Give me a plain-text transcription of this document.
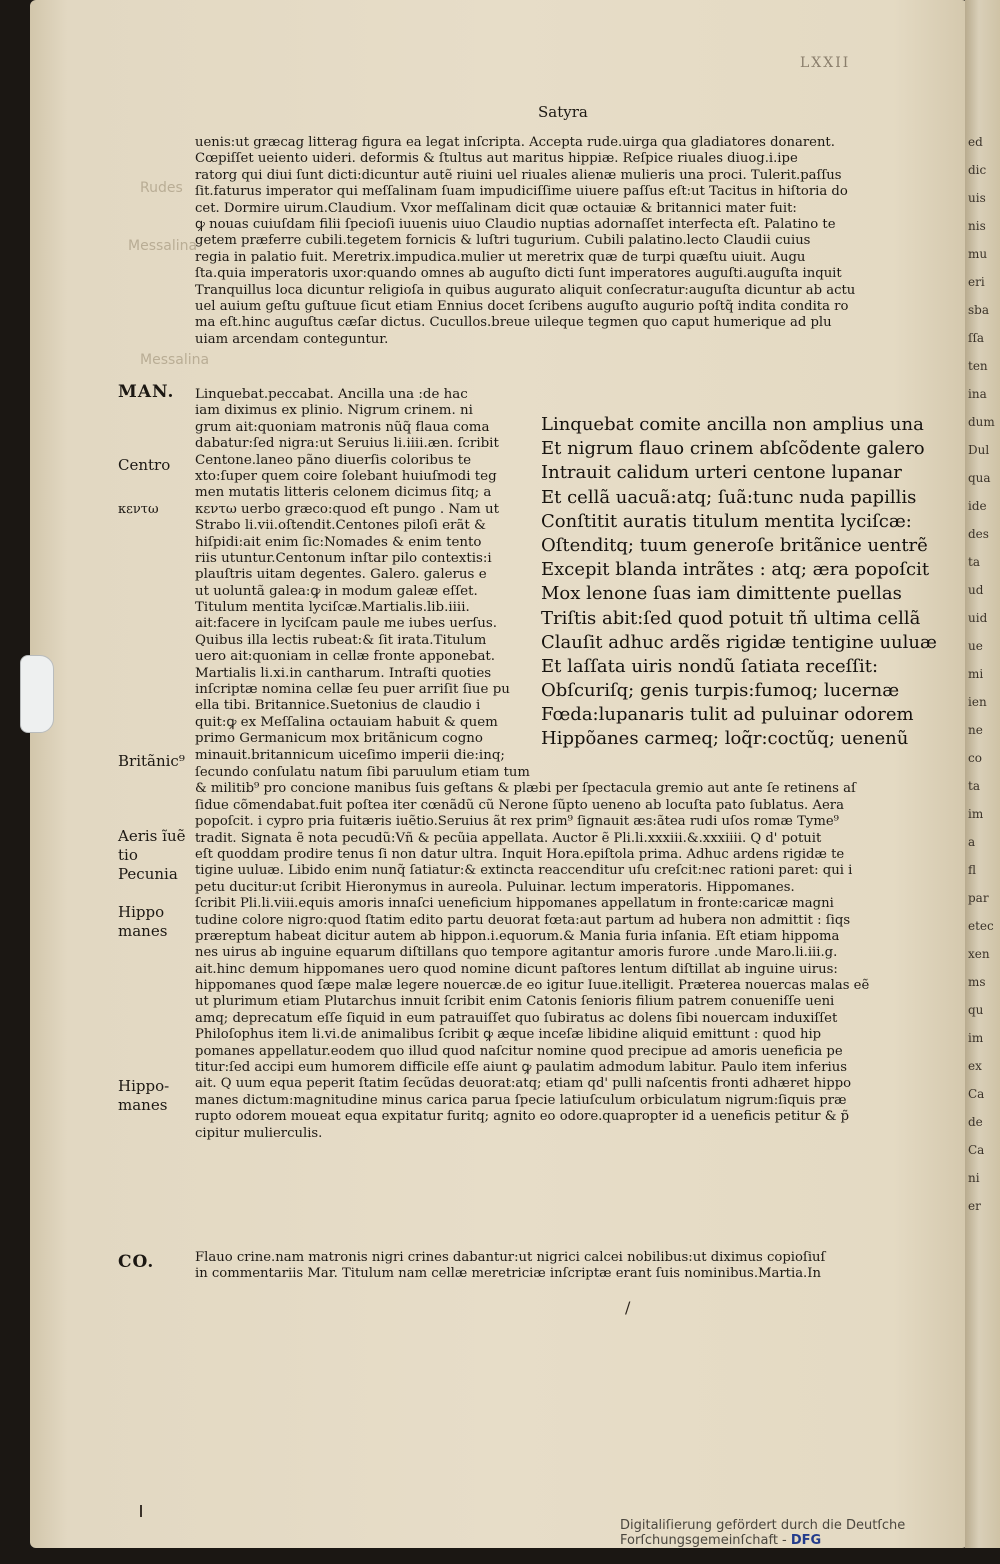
ed
dic
uis
nis
mu
eri
sba
ſſa
ten
ina
dum
Dul
qua
ide
des
ta
ud
uid
ue
mi
ien
ne
co
ta
im
a
fl
par
etec
xen
ms
qu
im
ex
Ca
de
Ca
ni
er
LXXII
Satyra
Rudes
Messalina
Messalina
uenis:ut græcag litterag figura ea legat inſcripta. Accepta rude.uirga qua gladiatores donarent.
Cœpiſſet ueiento uideri. deformis & ſtultus aut maritus hippiæ. Reſpice riuales diuog.i.ipe
ratorg qui diui ſunt dicti:dicuntur autẽ riuini uel riuales alienæ mulieris una proci. Tulerit.paſſus
ſit.faturus imperator qui meſſalinam ſuam impudiciſſime uiuere paſſus eſt:ut Tacitus in hiſtoria do
cet. Dormire uirum.Claudium. Vxor meſſalinam dicit quæ octauiæ & britannici mater fuit:
ꝙ nouas cuiuſdam filii ſpecioſi iuuenis uiuo Claudio nuptias adornaſſet interfecta eſt. Palatino te
getem præferre cubili.tegetem fornicis & luſtri tugurium. Cubili palatino.lecto Claudii cuius
regia in palatio fuit. Meretrix.impudica.mulier ut meretrix quæ de turpi quæſtu uiuit. Augu
ſta.quia imperatoris uxor:quando omnes ab auguſto dicti ſunt imperatores auguſti.auguſta inquit
Tranquillus loca dicuntur religioſa in quibus augurato aliquit conſecratur:auguſta dicuntur ab actu
uel auium geſtu guſtuue ſicut etiam Ennius docet ſcribens auguſto augurio poſtq̃ indita condita ro
ma eſt.hinc auguſtus cæſar dictus. Cucullos.breue uileque tegmen quo caput humerique ad plu
uiam arcendam conteguntur.
Linquebat.peccabat. Ancilla una :de hac
iam diximus ex plinio. Nigrum crinem. ni
grum ait:quoniam matronis nũq̃ flaua coma
dabatur:ſed nigra:ut Seruius li.iiii.æn. ſcribit
Centone.laneo pãno diuerſis coloribus te
xto:ſuper quem coire ſolebant huiuſmodi teg
men mutatis litteris celonem dicimus ſitq; a
κεντω uerbo græco:quod eſt pungo . Nam ut
Strabo li.vii.oſtendit.Centones piloſi erãt &
hiſpidi:ait enim ſic:Nomades & enim tento
riis utuntur.Centonum inſtar pilo contextis:i
plauſtris uitam degentes. Galero. galerus e
ut uoluntã galea:ꝙ in modum galeæ eſſet.
Titulum mentita lyciſcæ.Martialis.lib.iiii.
ait:facere in lyciſcam paule me iubes uerſus.
Quibus illa lectis rubeat:& ſit irata.Titulum
uero ait:quoniam in cellæ fronte apponebat.
Martialis li.xi.in cantharum. Intraſti quoties
inſcriptæ nomina cellæ ſeu puer arriſit ſiue pu
ella tibi. Britannice.Suetonius de claudio i
quit:ꝙ ex Meſſalina octauiam habuit & quem
primo Germanicum mox britãnicum cogno
minauit.britannicum uiceſimo imperii die:inq;
Linquebat comite ancilla non amplius una
Et nigrum flauo crinem abſcõdente galero
Intrauit calidum urteri centone lupanar
Et cellã uacuã:atq; ſuã:tunc nuda papillis
Conſtitit auratis titulum mentita lyciſcæ:
Oſtenditq; tuum generoſe britãnice uentrẽ
Excepit blanda intrãtes : atq; æra popoſcit
Mox lenone ſuas iam dimittente puellas
Triſtis abit:ſed quod potuit tñ ultima cellã
Clauſit adhuc ardẽs rigidæ tentigine uuluæ
Et laſſata uiris nondũ ſatiata receſſit:
Obſcuriſq; genis turpis:fumoq; lucernæ
Fœda:lupanaris tulit ad puluinar odorem
Hippõanes carmeq; loq̃r:coctũq; uenenũ
ſecundo conſulatu natum ſibi paruulum etiam tum
& militib⁹ pro concione manibus ſuis geſtans & plæbi per ſpectacula gremio aut ante ſe retinens aſ
ſidue cõmendabat.fuit poſtea iter cœnãdũ cũ Nerone ſũpto ueneno ab locuſta pato ſublatus. Aera
popoſcit. i cypro pria fuitæris iuẽtio.Seruius ãt rex prim⁹ ſignauit æs:ãtea rudi uſos romæ Tyme⁹
tradit. Signata ẽ nota pecudũ:Vñ & pecũia appellata. Auctor ẽ Pli.li.xxxiii.&.xxxiiii. Q d' potuit
eſt quoddam prodire tenus ſi non datur ultra. Inquit Hora.epiſtola prima. Adhuc ardens rigidæ te
tigine uuluæ. Libido enim nunq̃ ſatiatur:& extincta reaccenditur uſu creſcit:nec rationi paret: qui i
petu ducitur:ut ſcribit Hieronymus in aureola. Puluinar. lectum imperatoris. Hippomanes.
ſcribit Pli.li.viii.equis amoris innaſci ueneficium hippomanes appellatum in fronte:caricæ magni
tudine colore nigro:quod ſtatim edito partu deuorat fœta:aut partum ad hubera non admittit : ſiqs
præreptum habeat dicitur autem ab hippon.i.equorum.& Mania furia inſania. Eſt etiam hippoma
nes uirus ab inguine equarum diſtillans quo tempore agitantur amoris furore .unde Maro.li.iii.g.
ait.hinc demum hippomanes uero quod nomine dicunt paſtores lentum diſtillat ab inguine uirus:
hippomanes quod ſæpe malæ legere nouercæ.de eo igitur Iuue.itelligit. Præterea nouercas malas eẽ
ut plurimum etiam Plutarchus innuit ſcribit enim Catonis ſenioris filium patrem conueniſſe ueni
amq; deprecatum eſſe ſiquid in eum patrauiſſet quo ſubiratus ac dolens ſibi nouercam induxiſſet
Philoſophus item li.vi.de animalibus ſcribit ꝙ æque inceſæ libidine aliquid emittunt : quod hip
pomanes appellatur.eodem quo illud quod naſcitur nomine quod precipue ad amoris ueneficia pe
titur:ſed accipi eum humorem difficile eſſe aiunt ꝙ paulatim admodum labitur. Paulo item inferius
ait. Q uum equa peperit ſtatim ſecũdas deuorat:atq; etiam qd' pulli naſcentis fronti adhæret hippo
manes dictum:magnitudine minus carica parua ſpecie latiuſculum orbiculatum nigrum:ſiquis præ
rupto odorem moueat equa expitatur furitq; agnito eo odore.quapropter id a ueneficis petitur & p̃
cipitur mulierculis.
Flauo crine.nam matronis nigri crines dabantur:ut nigrici calcei nobilibus:ut diximus copioſiuſ
in commentariis Mar. Titulum nam cellæ meretriciæ inſcriptæ erant ſuis nominibus.Martia.In
MAN.
Centro
κεντω
Britãnic⁹
Aeris ĩuẽ
tio
Pecunia
Hippo
manes
Hippo-
manes
CO.
/
Digitaliſierung gefördert durch die Deutſche Forſchungsgemeinſchaft - DFG
